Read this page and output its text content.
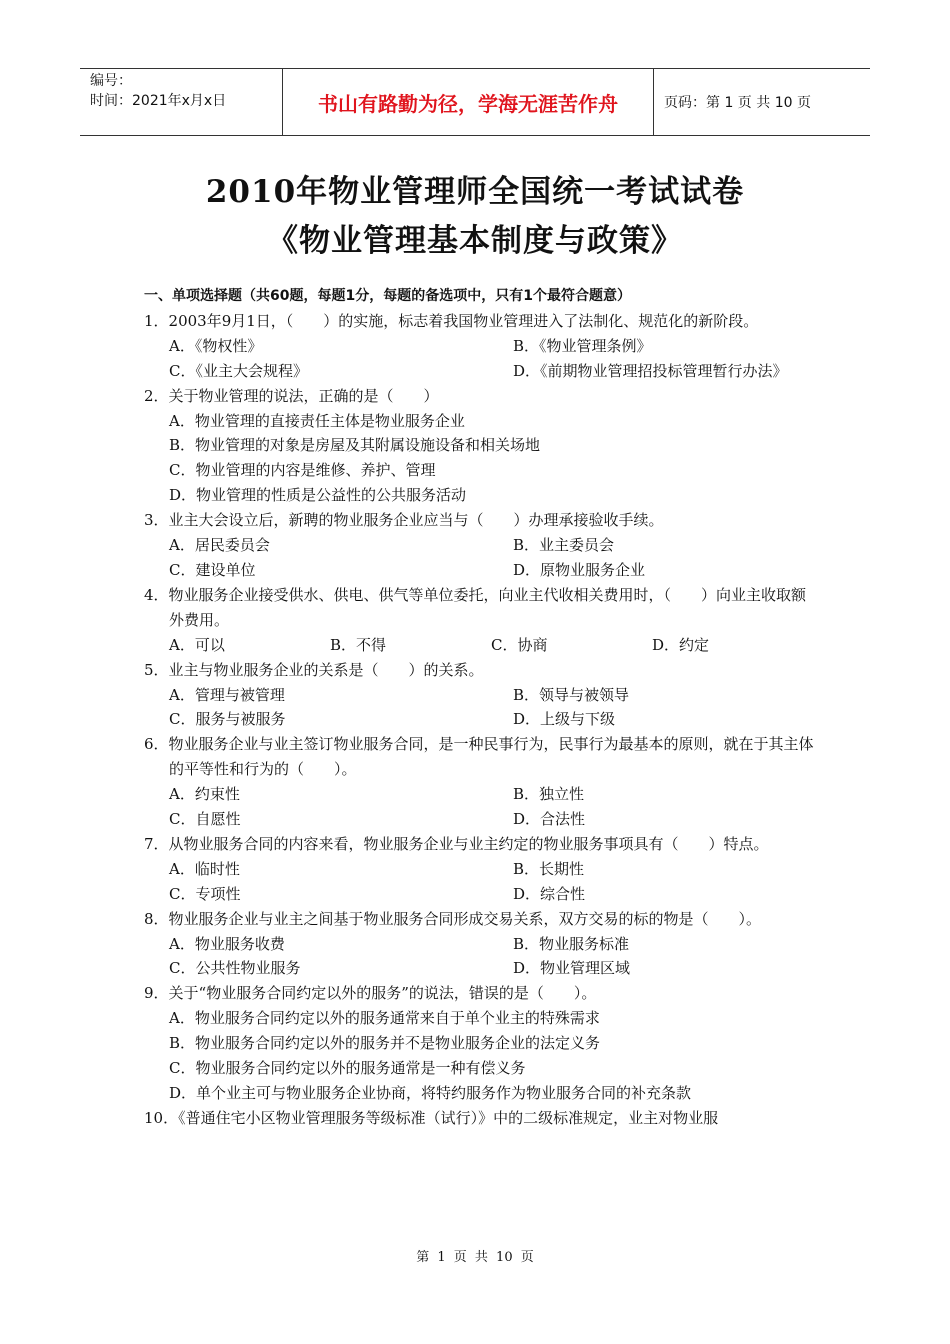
编号：
时间：2021年x月x日	书山有路勤为径，学海无涯苦作舟	页码：第 1 页 共 10 页
2010年物业管理师全国统一考试试卷
《物业管理基本制度与政策》
一、单项选择题（共60题，每题1分，每题的备选项中，只有1个最符合题意）
1．2003年9月1日，（　　）的实施，标志着我国物业管理进入了法制化、规范化的新阶段。
A．《物权性》	B．《物业管理条例》
C．《业主大会规程》	D．《前期物业管理招投标管理暂行办法》
2．关于物业管理的说法，正确的是（　　）
A．物业管理的直接责任主体是物业服务企业
B．物业管理的对象是房屋及其附属设施设备和相关场地
C．物业管理的内容是维修、养护、管理
D．物业管理的性质是公益性的公共服务活动
3．业主大会设立后，新聘的物业服务企业应当与（　　）办理承接验收手续。
A．居民委员会	B．业主委员会
C．建设单位	D．原物业服务企业
4．物业服务企业接受供水、供电、供气等单位委托，向业主代收相关费用时，（　　）向业主收取额外费用。
A．可以	B．不得	C．协商	D．约定
5．业主与物业服务企业的关系是（　　）的关系。
A．管理与被管理	B．领导与被领导
C．服务与被服务	D．上级与下级
6．物业服务企业与业主签订物业服务合同，是一种民事行为，民事行为最基本的原则，就在于其主体的平等性和行为的（　　）。
A．约束性	B．独立性
C．自愿性	D．合法性
7．从物业服务合同的内容来看，物业服务企业与业主约定的物业服务事项具有（　　）特点。
A．临时性	B．长期性
C．专项性	D．综合性
8．物业服务企业与业主之间基于物业服务合同形成交易关系，双方交易的标的物是（　　）。
A．物业服务收费	B．物业服务标准
C．公共性物业服务	D．物业管理区域
9．关于“物业服务合同约定以外的服务”的说法，错误的是（　　）。
A．物业服务合同约定以外的服务通常来自于单个业主的特殊需求
B．物业服务合同约定以外的服务并不是物业服务企业的法定义务
C．物业服务合同约定以外的服务通常是一种有偿义务
D．单个业主可与物业服务企业协商，将特约服务作为物业服务合同的补充条款
10．《普通住宅小区物业管理服务等级标准（试行）》中的二级标准规定，业主对物业服
第 1 页 共 10 页
